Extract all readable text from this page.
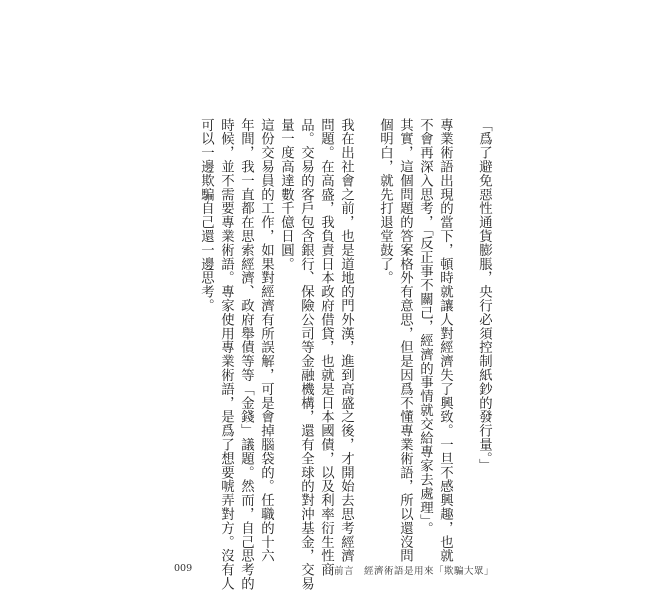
「爲了避免惡性通貨膨脹，央行必須控制紙鈔的發行量。」
專業術語出現的當下，頓時就讓人對經濟失了興致。一旦不感興趣，也就
不會再深入思考，「反正事不關己，經濟的事情就交給專家去處理」。
其實，這個問題的答案格外有意思，但是因爲不懂專業術語，所以還沒問
個明白，就先打退堂鼓了。
我在出社會之前，也是道地的門外漢，進到高盛之後，才開始去思考經濟
問題。在高盛，我負責日本政府借貸，也就是日本國債，以及利率衍生性商
品。交易的客戶包含銀行、保險公司等金融機構，還有全球的對沖基金，交易
量一度高達數千億日圓。
這份交易員的工作，如果對經濟有所誤解，可是會掉腦袋的。任職的十六
年間，我一直都在思索經濟、政府舉債等等「金錢」議題。然而，自己思考的
時候，並不需要專業術語。專家使用專業術語，是爲了想要唬弄對方。沒有人
可以一邊欺騙自己還一邊思考。
009	前言　經濟術語是用來「欺騙大眾」
